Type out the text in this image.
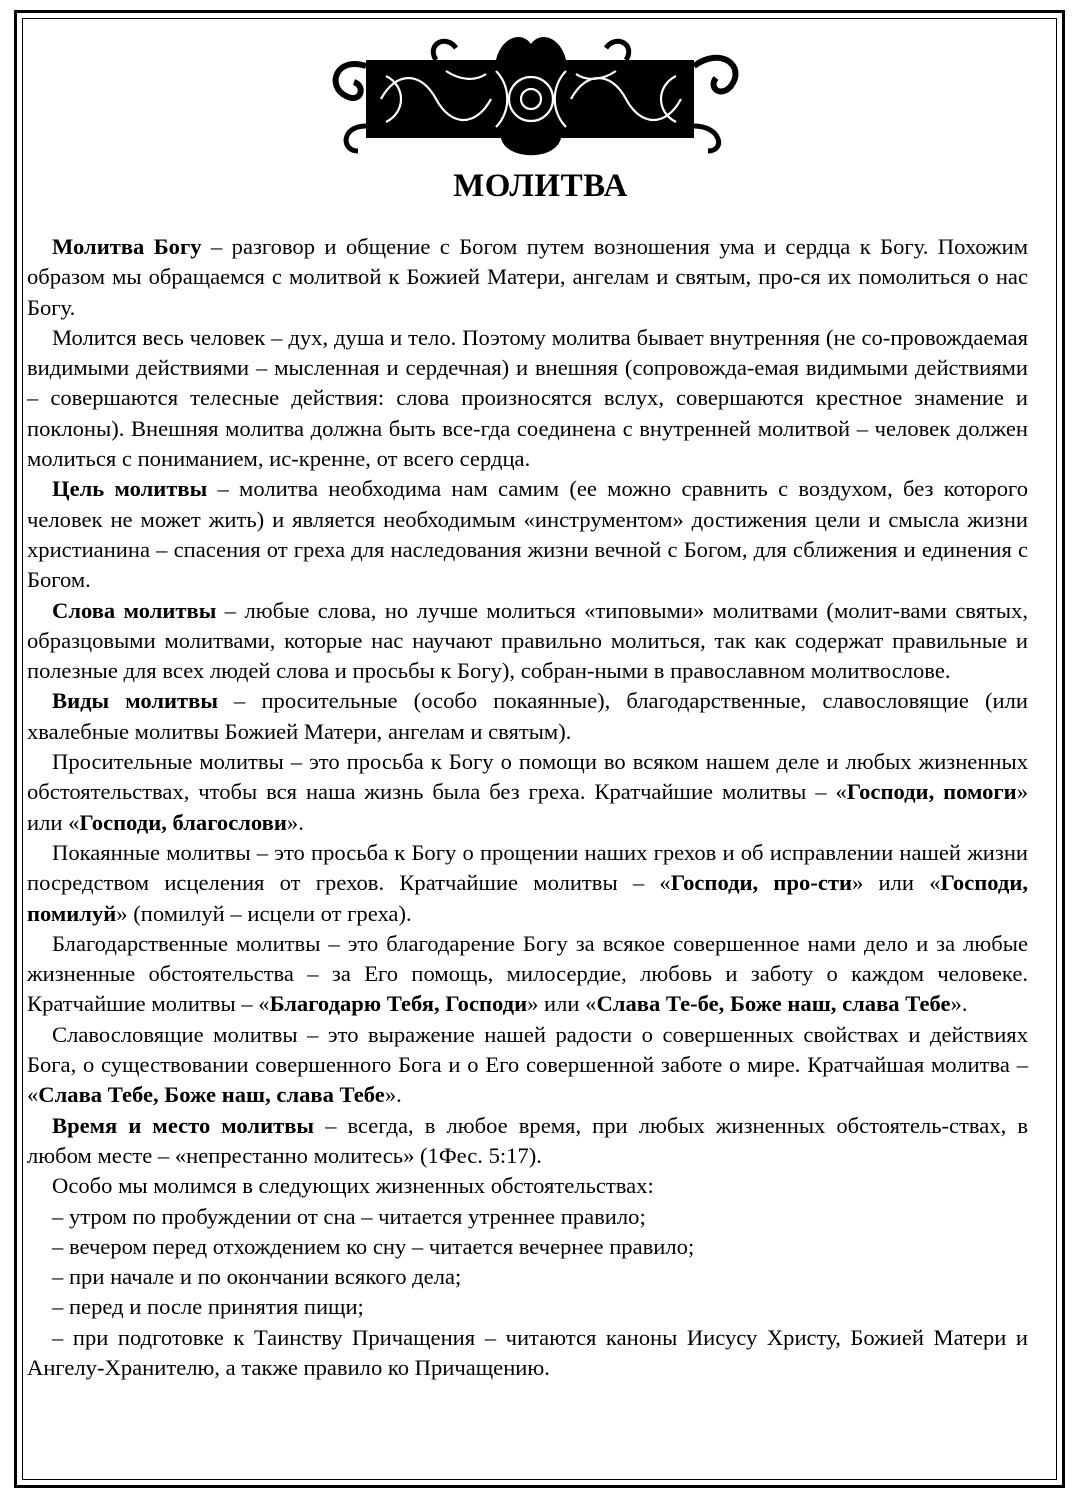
МОЛИТВА

Молитва Богу – разговор и общение с Богом путем возношения ума и сердца к Богу. Похожим образом мы обращаемся с молитвой к Божией Матери, ангелам и святым, про-ся их помолиться о нас Богу.

Молится весь человек – дух, душа и тело. Поэтому молитва бывает внутренняя (не со-провождаемая видимыми действиями – мысленная и сердечная) и внешняя (сопровожда-емая видимыми действиями – совершаются телесные действия: слова произносятся вслух, совершаются крестное знамение и поклоны). Внешняя молитва должна быть все-гда соединена с внутренней молитвой – человек должен молиться с пониманием, ис-кренне, от всего сердца.

Цель молитвы – молитва необходима нам самим (ее можно сравнить с воздухом, без которого человек не может жить) и является необходимым «инструментом» достижения цели и смысла жизни христианина – спасения от греха для наследования жизни вечной с Богом, для сближения и единения с Богом.

Слова молитвы – любые слова, но лучше молиться «типовыми» молитвами (молит-вами святых, образцовыми молитвами, которые нас научают правильно молиться, так как содержат правильные и полезные для всех людей слова и просьбы к Богу), собран-ными в православном молитвослове.

Виды молитвы – просительные (особо покаянные), благодарственные, славословящие (или хвалебные молитвы Божией Матери, ангелам и святым).

Просительные молитвы – это просьба к Богу о помощи во всяком нашем деле и любых жизненных обстоятельствах, чтобы вся наша жизнь была без греха. Кратчайшие молитвы – «Господи, помоги» или «Господи, благослови».

Покаянные молитвы – это просьба к Богу о прощении наших грехов и об исправлении нашей жизни посредством исцеления от грехов. Кратчайшие молитвы – «Господи, про-сти» или «Господи, помилуй» (помилуй – исцели от греха).

Благодарственные молитвы – это благодарение Богу за всякое совершенное нами дело и за любые жизненные обстоятельства – за Его помощь, милосердие, любовь и заботу о каждом человеке. Кратчайшие молитвы – «Благодарю Тебя, Господи» или «Слава Те-бе, Боже наш, слава Тебе».

Славословящие молитвы – это выражение нашей радости о совершенных свойствах и действиях Бога, о существовании совершенного Бога и о Его совершенной заботе о мире. Кратчайшая молитва – «Слава Тебе, Боже наш, слава Тебе».

Время и место молитвы – всегда, в любое время, при любых жизненных обстоятель-ствах, в любом месте – «непрестанно молитесь» (1Фес. 5:17).

Особо мы молимся в следующих жизненных обстоятельствах:

– утром по пробуждении от сна – читается утреннее правило;

– вечером перед отхождением ко сну – читается вечернее правило;

– при начале и по окончании всякого дела;

– перед и после принятия пищи;

– при подготовке к Таинству Причащения – читаются каноны Иисусу Христу, Божией Матери и Ангелу-Хранителю, а также правило ко Причащению.
